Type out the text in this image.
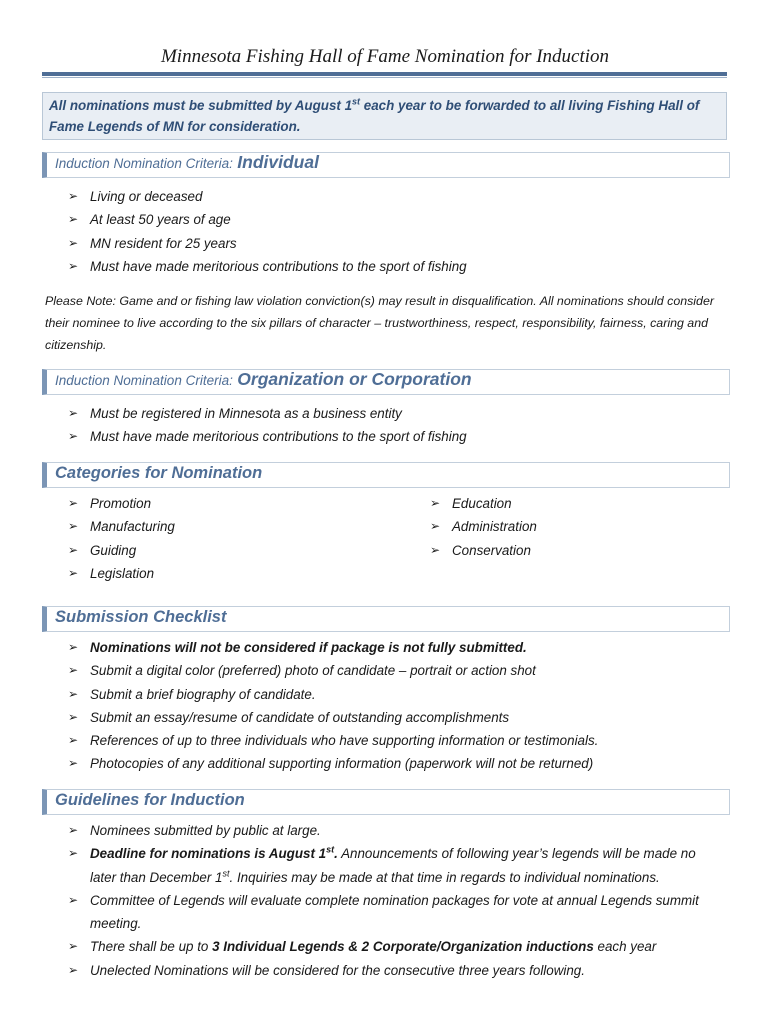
Minnesota Fishing Hall of Fame Nomination for Induction
All nominations must be submitted by August 1st each year to be forwarded to all living Fishing Hall of Fame Legends of MN for consideration.
Induction Nomination Criteria: Individual
➢ Living or deceased
➢ At least 50 years of age
➢ MN resident for 25 years
➢ Must have made meritorious contributions to the sport of fishing
Please Note: Game and or fishing law violation conviction(s) may result in disqualification. All nominations should consider their nominee to live according to the six pillars of character – trustworthiness, respect, responsibility, fairness, caring and citizenship.
Induction Nomination Criteria: Organization or Corporation
➢ Must be registered in Minnesota as a business entity
➢ Must have made meritorious contributions to the sport of fishing
Categories for Nomination
➢ Promotion
➢ Manufacturing
➢ Guiding
➢ Legislation
➢ Education
➢ Administration
➢ Conservation
Submission Checklist
➢ Nominations will not be considered if package is not fully submitted.
➢ Submit a digital color (preferred) photo of candidate – portrait or action shot
➢ Submit a brief biography of candidate.
➢ Submit an essay/resume of candidate of outstanding accomplishments
➢ References of up to three individuals who have supporting information or testimonials.
➢ Photocopies of any additional supporting information (paperwork will not be returned)
Guidelines for Induction
➢ Nominees submitted by public at large.
➢ Deadline for nominations is August 1st. Announcements of following year’s legends will be made no later than December 1st. Inquiries may be made at that time in regards to individual nominations.
➢ Committee of Legends will evaluate complete nomination packages for vote at annual Legends summit meeting.
➢ There shall be up to 3 Individual Legends & 2 Corporate/Organization inductions each year
➢ Unelected Nominations will be considered for the consecutive three years following.
